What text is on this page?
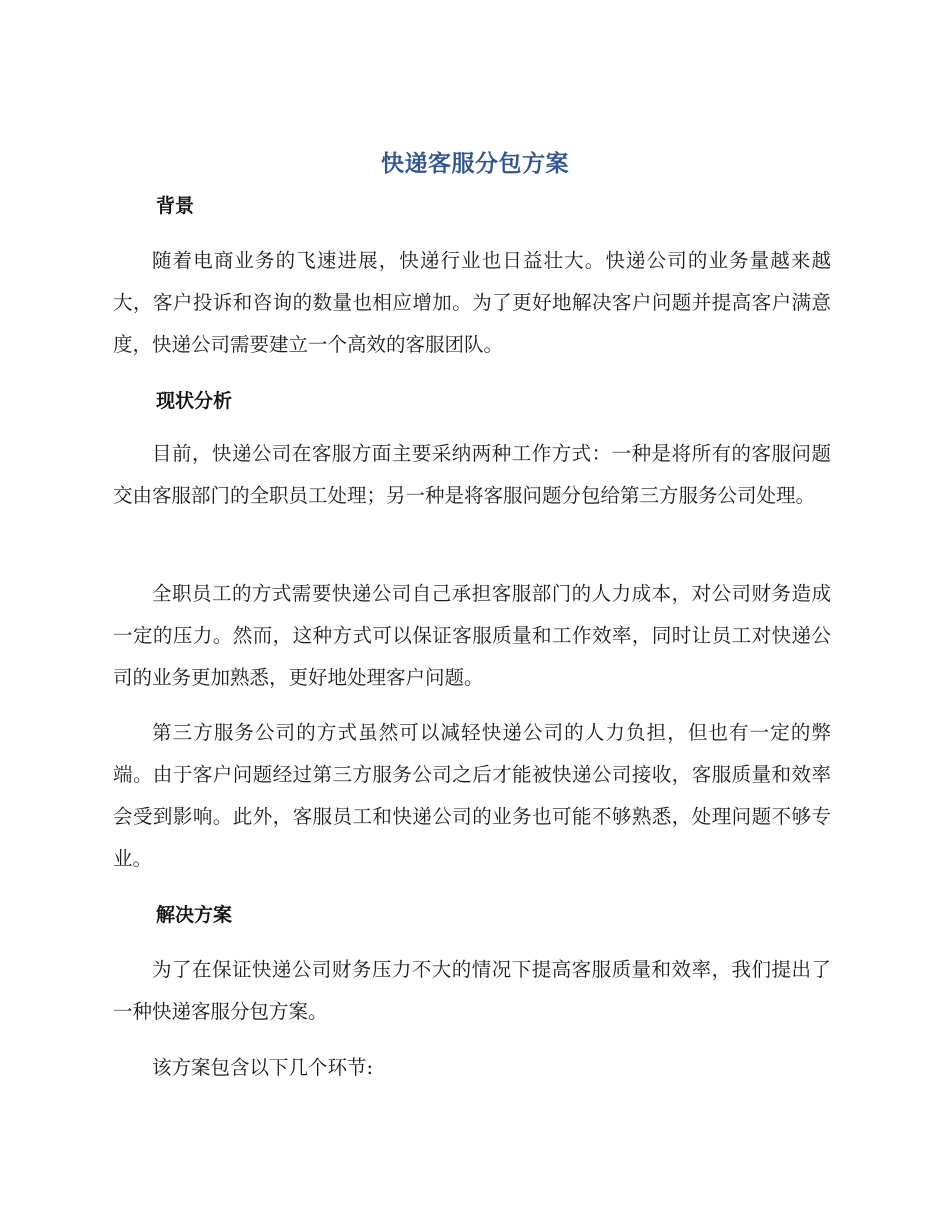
快递客服分包方案
背景

随着电商业务的飞速进展，快递行业也日益壮大。快递公司的业务量越来越大，客户投诉和咨询的数量也相应增加。为了更好地解决客户问题并提高客户满意度，快递公司需要建立一个高效的客服团队。

现状分析

目前，快递公司在客服方面主要采纳两种工作方式：一种是将所有的客服问题交由客服部门的全职员工处理；另一种是将客服问题分包给第三方服务公司处理。

全职员工的方式需要快递公司自己承担客服部门的人力成本，对公司财务造成一定的压力。然而，这种方式可以保证客服质量和工作效率，同时让员工对快递公司的业务更加熟悉，更好地处理客户问题。

第三方服务公司的方式虽然可以减轻快递公司的人力负担，但也有一定的弊端。由于客户问题经过第三方服务公司之后才能被快递公司接收，客服质量和效率会受到影响。此外，客服员工和快递公司的业务也可能不够熟悉，处理问题不够专业。

解决方案

为了在保证快递公司财务压力不大的情况下提高客服质量和效率，我们提出了一种快递客服分包方案。

该方案包含以下几个环节:
